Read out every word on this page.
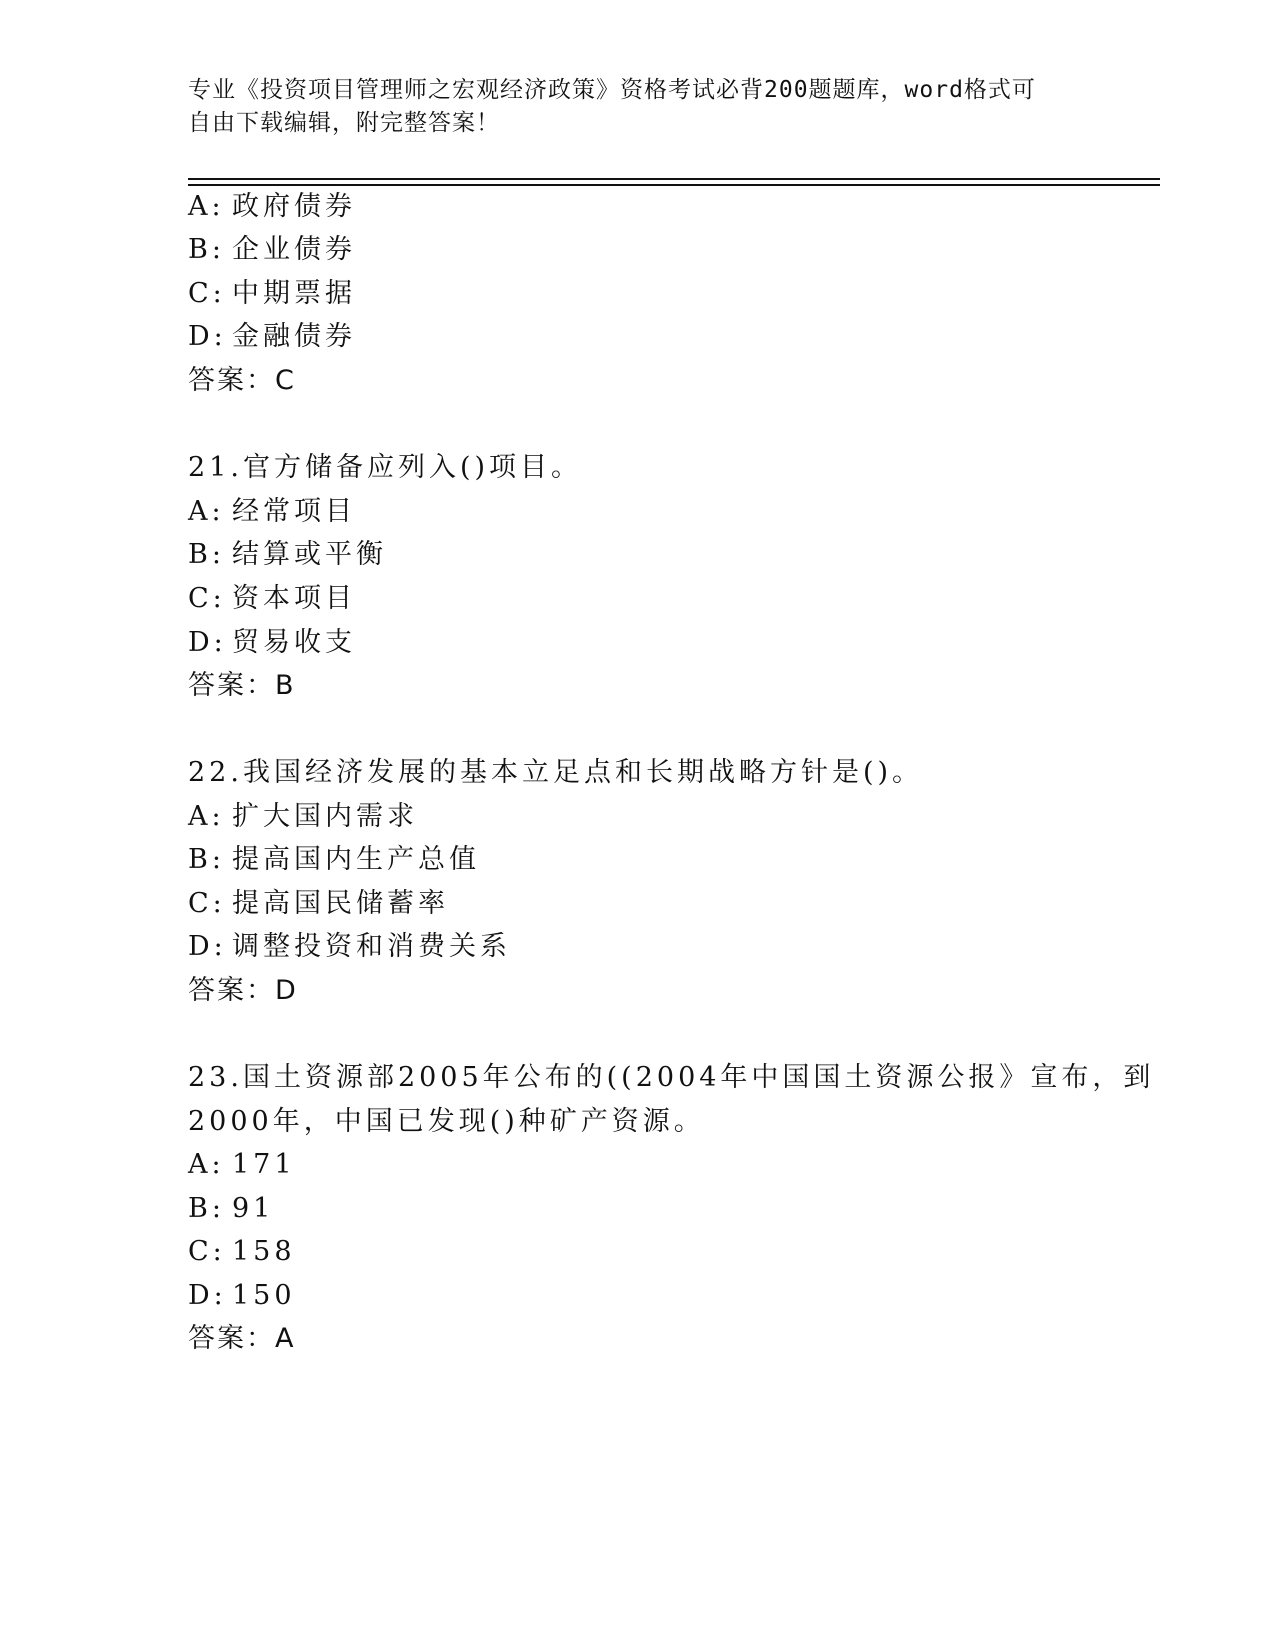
专业《投资项目管理师之宏观经济政策》资格考试必背200题题库，word格式可
自由下载编辑，附完整答案！
A: 政府债券
B: 企业债券
C: 中期票据
D: 金融债券
答案：C
21.官方储备应列入()项目。
A: 经常项目
B: 结算或平衡
C: 资本项目
D: 贸易收支
答案：B
22.我国经济发展的基本立足点和长期战略方针是()。
A: 扩大国内需求
B: 提高国内生产总值
C: 提高国民储蓄率
D: 调整投资和消费关系
答案：D
23.国土资源部2005年公布的((2004年中国国土资源公报》宣布，到
2000年，中国已发现()种矿产资源。
A: 171
B: 91
C: 158
D: 150
答案：A
